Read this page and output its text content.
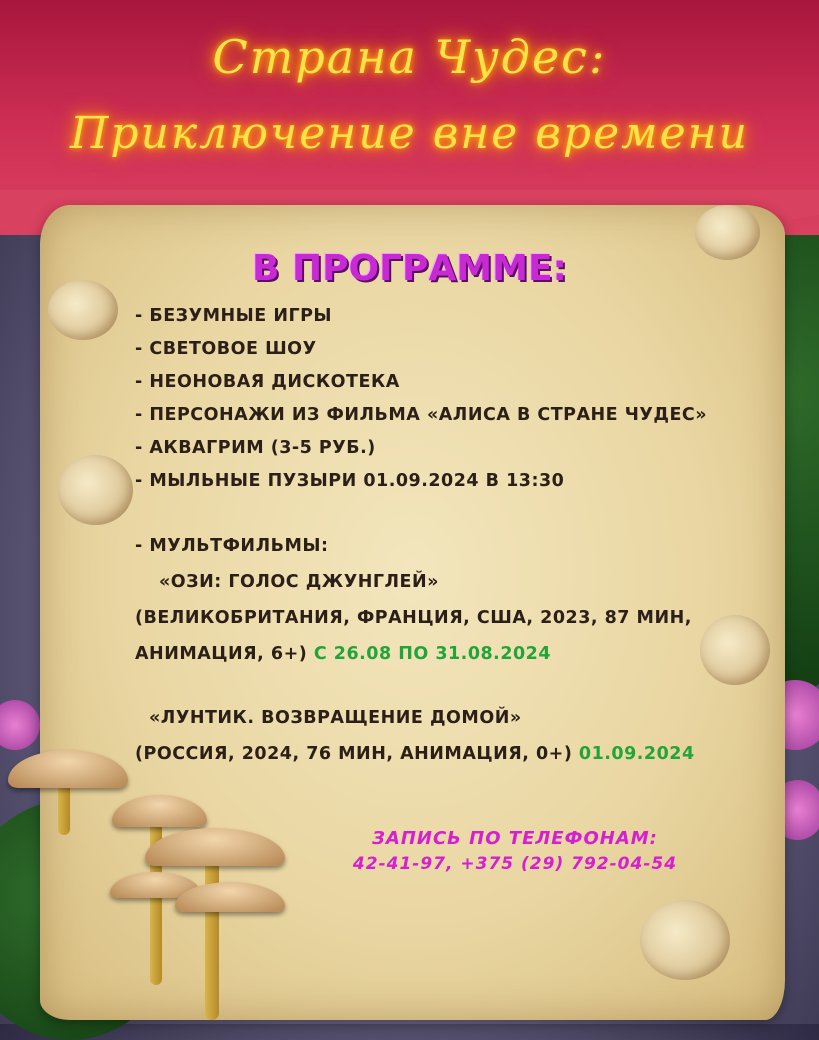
Страна Чудес:
Приключение вне времени
В ПРОГРАММЕ:
- БЕЗУМНЫЕ ИГРЫ
- СВЕТОВОЕ ШОУ
- НЕОНОВАЯ ДИСКОТЕКА
- ПЕРСОНАЖИ ИЗ ФИЛЬМА «АЛИСА В СТРАНЕ ЧУДЕС»
- АКВАГРИМ (3-5 РУБ.)
- МЫЛЬНЫЕ ПУЗЫРИ 01.09.2024 В 13:30
- МУЛЬТФИЛЬМЫ:
«ОЗИ: ГОЛОС ДЖУНГЛЕЙ»
(ВЕЛИКОБРИТАНИЯ, ФРАНЦИЯ, США, 2023, 87 МИН,
АНИМАЦИЯ, 6+) С 26.08 ПО 31.08.2024
«ЛУНТИК. ВОЗВРАЩЕНИЕ ДОМОЙ»
(РОССИЯ, 2024, 76 МИН, АНИМАЦИЯ, 0+) 01.09.2024
ЗАПИСЬ ПО ТЕЛЕФОНАМ:
42-41-97, +375 (29) 792-04-54
